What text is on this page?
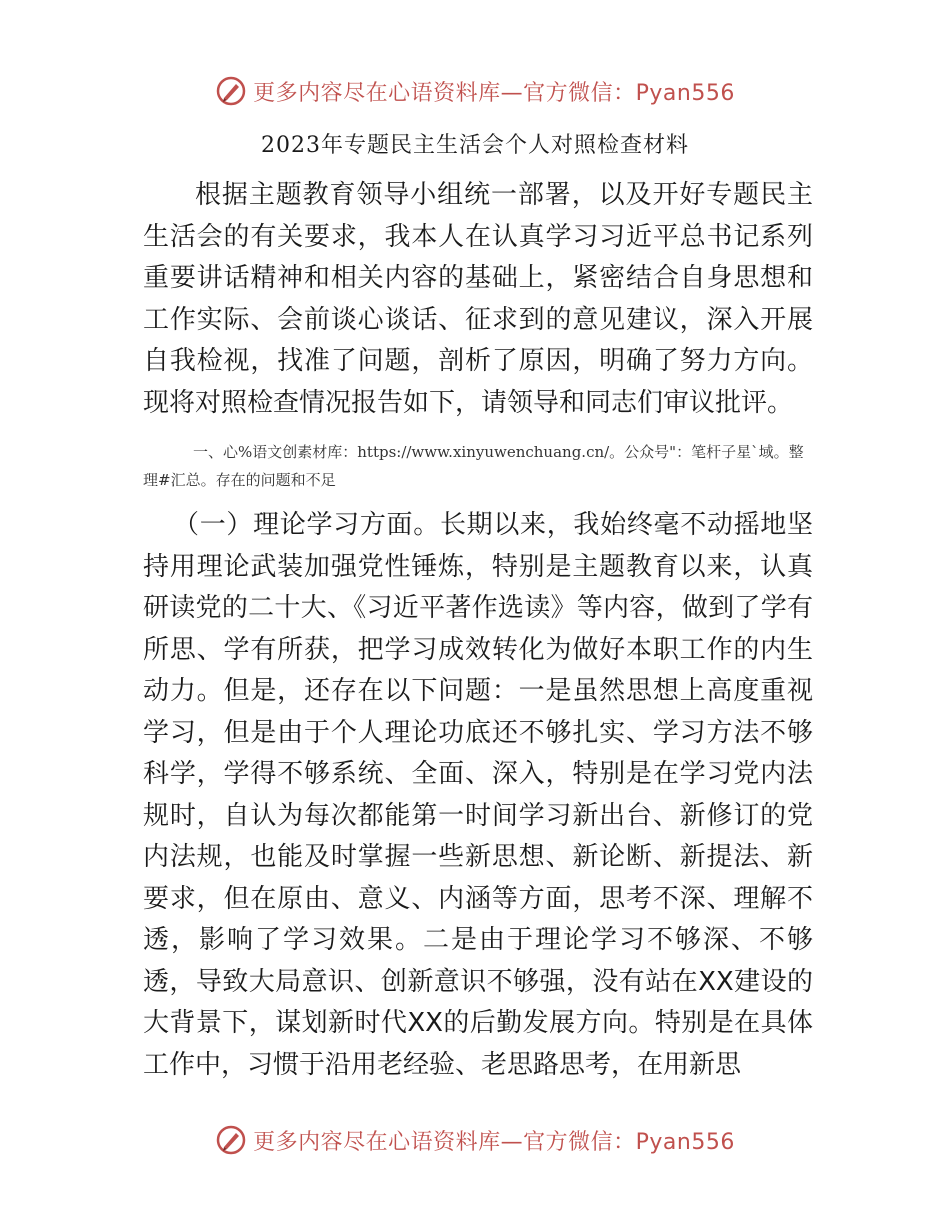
更多内容尽在心语资料库—官方微信：Pyan556
2023年专题民主生活会个人对照检查材料

根据主题教育领导小组统一部署，以及开好专题民主生活会的有关要求，我本人在认真学习习近平总书记系列重要讲话精神和相关内容的基础上，紧密结合自身思想和工作实际、会前谈心谈话、征求到的意见建议，深入开展自我检视，找准了问题，剖析了原因，明确了努力方向。现将对照检查情况报告如下，请领导和同志们审议批评。

一、心%语文创素材库：https://www.xinyuwenchuang.cn/。公众号"：笔杆子星`域。整理#汇总。存在的问题和不足

（一）理论学习方面。长期以来，我始终毫不动摇地坚持用理论武装加强党性锤炼，特别是主题教育以来，认真研读党的二十大、《习近平著作选读》等内容，做到了学有所思、学有所获，把学习成效转化为做好本职工作的内生动力。但是，还存在以下问题：一是虽然思想上高度重视学习，但是由于个人理论功底还不够扎实、学习方法不够科学，学得不够系统、全面、深入，特别是在学习党内法规时，自认为每次都能第一时间学习新出台、新修订的党内法规，也能及时掌握一些新思想、新论断、新提法、新要求，但在原由、意义、内涵等方面，思考不深、理解不透，影响了学习效果。二是由于理论学习不够深、不够透，导致大局意识、创新意识不够强，没有站在XX建设的大背景下，谋划新时代XX的后勤发展方向。特别是在具体工作中，习惯于沿用老经验、老思路思考，在用新思

更多内容尽在心语资料库—官方微信：Pyan556
